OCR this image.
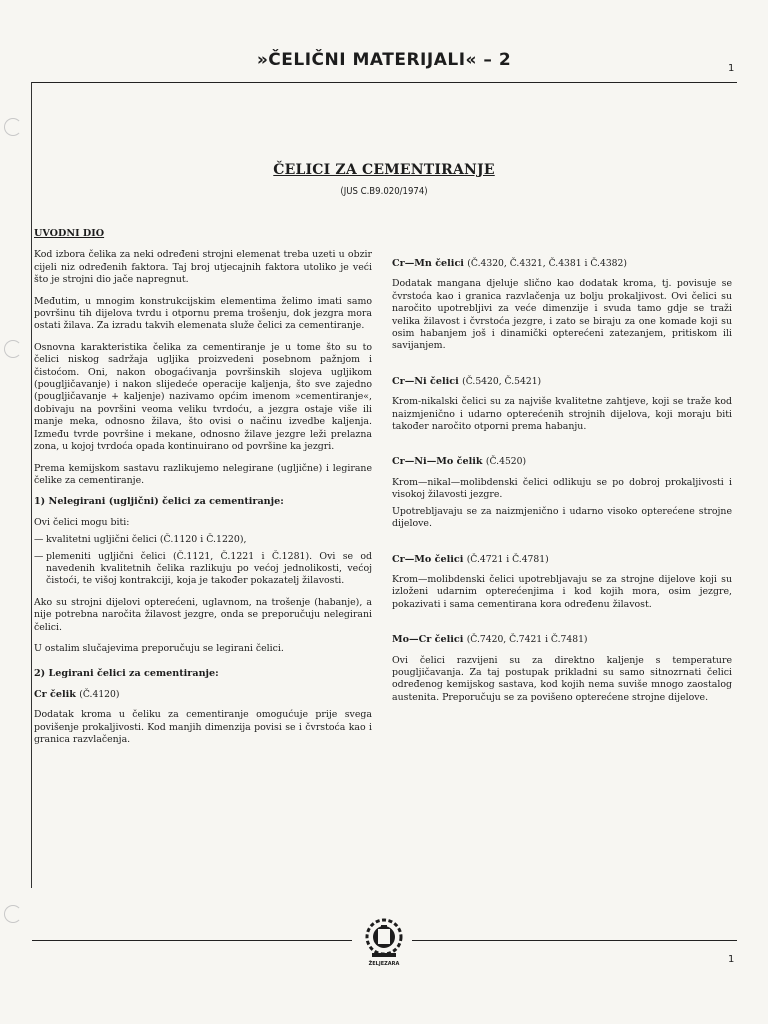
»ČELIČNI MATERIJALI« – 2	1
ČELICI ZA CEMENTIRANJE
(JUS C.B9.020/1974)
UVODNI DIO

Kod izbora čelika za neki određeni strojni elemenat treba uzeti u obzir cijeli niz određenih faktora. Taj broj utjecajnih faktora utoliko je veći što je strojni dio jače napregnut.

Međutim, u mnogim konstrukcijskim elementima želimo imati samo površinu tih dijelova tvrdu i otpornu prema trošenju, dok jezgra mora ostati žilava. Za izradu takvih elemenata služe čelici za cementiranje.

Osnovna karakteristika čelika za cementiranje je u tome što su to čelici niskog sadržaja ugljika proizvedeni posebnom pažnjom i čistoćom. Oni, nakon obogaćivanja površinskih slojeva ugljikom (pougljičavanje) i nakon slijedeće operacije kaljenja, što sve zajedno (pougljičavanje + kaljenje) nazivamo općim imenom »cementiranje«, dobivaju na površini veoma veliku tvrdoću, a jezgra ostaje više ili manje meka, odnosno žilava, što ovisi o načinu izvedbe kaljenja. Između tvrde površine i mekane, odnosno žilave jezgre leži prelazna zona, u kojoj tvrdoća opada kontinuirano od površine ka jezgri.

Prema kemijskom sastavu razlikujemo nelegirane (ugljične) i legirane čelike za cementiranje.

1) Nelegirani (ugljični) čelici za cementiranje:

Ovi čelici mogu biti:

— kvalitetni ugljični čelici (Č.1120 i Č.1220),
— plemeniti ugljični čelici (Č.1121, Č.1221 i Č.1281). Ovi se od navedenih kvalitetnih čelika razlikuju po većoj jednolikosti, većoj čistoći, te višoj kontrakciji, koja je također pokazatelj žilavosti.

Ako su strojni dijelovi opterećeni, uglavnom, na trošenje (habanje), a nije potrebna naročita žilavost jezgre, onda se preporučuju nelegirani čelici.

U ostalim slučajevima preporučuju se legirani čelici.

2) Legirani čelici za cementiranje:
Cr čelik (Č.4120)

Dodatak kroma u čeliku za cementiranje omogućuje prije svega povišenje prokaljivosti. Kod manjih dimenzija povisi se i čvrstoća kao i granica razvlačenja.

Cr—Mn čelici (Č.4320, Č.4321, Č.4381 i Č.4382)

Dodatak mangana djeluje slično kao dodatak kroma, tj. povisuje se čvrstoća kao i granica razvlačenja uz bolju prokaljivost. Ovi čelici su naročito upotrebljivi za veće dimenzije i svuda tamo gdje se traži velika žilavost i čvrstoća jezgre, i zato se biraju za one komade koji su osim habanjem još i dinamički opterećeni zatezanjem, pritiskom ili savijanjem.

Cr—Ni čelici (Č.5420, Č.5421)

Krom-nikalski čelici su za najviše kvalitetne zahtjeve, koji se traže kod naizmjenično i udarno opterećenih strojnih dijelova, koji moraju biti također naročito otporni prema habanju.

Cr—Ni—Mo čelik (Č.4520)

Krom—nikal—molibdenski čelici odlikuju se po dobroj prokaljivosti i visokoj žilavosti jezgre.

Upotrebljavaju se za naizmjenično i udarno visoko opterećene strojne dijelove.

Cr—Mo čelici (Č.4721 i Č.4781)

Krom—molibdenski čelici upotrebljavaju se za strojne dijelove koji su izloženi udarnim opterećenjima i kod kojih mora, osim jezgre, pokazivati i sama cementirana kora određenu žilavost.

Mo—Cr čelici (Č.7420, Č.7421 i Č.7481)

Ovi čelici razvijeni su za direktno kaljenje s temperature pougljičavanja. Za taj postupak prikladni su samo sitnozrnati čelici određenog kemijskog sastava, kod kojih nema suviše mnogo zaostalog austenita. Preporučuju se za povišeno opterećene strojne dijelove.

ŽELJEZARA	1
